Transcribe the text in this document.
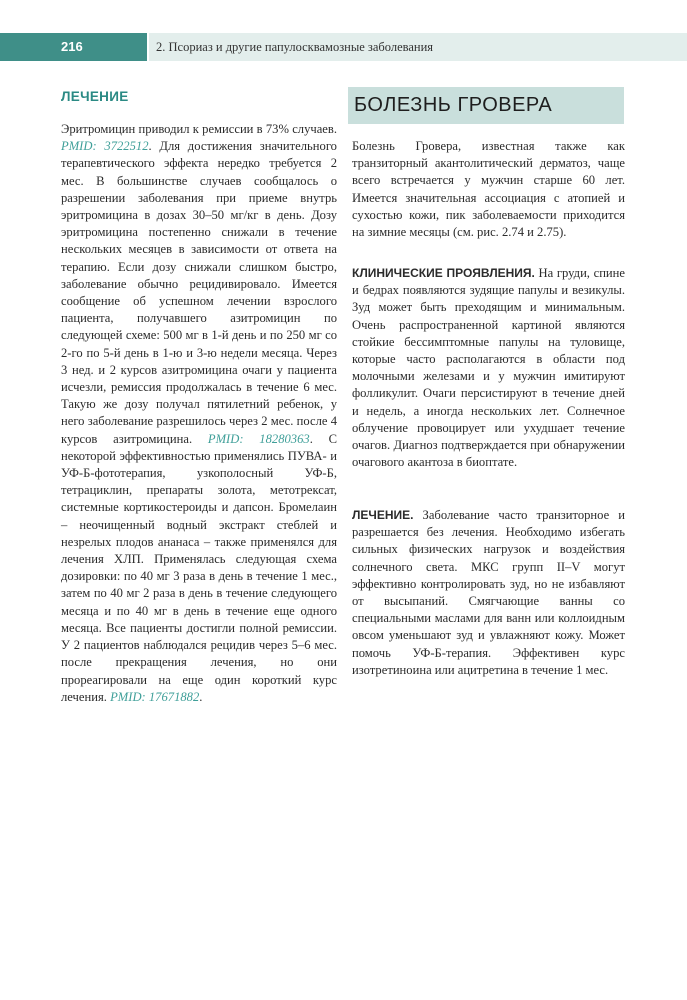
216	2. Псориаз и другие папулосквамозные заболевания
ЛЕЧЕНИЕ

Эритромицин приводил к ремиссии в 73% случаев. PMID: 3722512. Для достижения значительного терапевтического эффекта нередко требуется 2 мес. В большинстве случаев сообщалось о разрешении заболевания при приеме внутрь эритромицина в дозах 30–50 мг/кг в день. Дозу эритромицина постепенно снижали в течение нескольких месяцев в зависимости от ответа на терапию. Если дозу снижали слишком быстро, заболевание обычно рецидивировало. Имеется сообщение об успешном лечении взрослого пациента, получавшего азитромицин по следующей схеме: 500 мг в 1-й день и по 250 мг со 2-го по 5-й день в 1-ю и 3-ю недели месяца. Через 3 нед. и 2 курсов азитромицина очаги у пациента исчезли, ремиссия продолжалась в течение 6 мес. Такую же дозу получал пятилетний ребенок, у него заболевание разрешилось через 2 мес. после 4 курсов азитромицина. PMID: 18280363. С некоторой эффективностью применялись ПУВА- и УФ-Б-фототерапия, узкополосный УФ-Б, тетрациклин, препараты золота, метотрексат, системные кортикостероиды и дапсон. Бромелаин – неочищенный водный экстракт стеблей и незрелых плодов ананаса – также применялся для лечения ХЛП. Применялась следующая схема дозировки: по 40 мг 3 раза в день в течение 1 мес., затем по 40 мг 2 раза в день в течение следующего месяца и по 40 мг в день в течение еще одного месяца. Все пациенты достигли полной ремиссии. У 2 пациентов наблюдался рецидив через 5–6 мес. после прекращения лечения, но они прореагировали на еще один короткий курс лечения. PMID: 17671882.

БОЛЕЗНЬ ГРОВЕРА

Болезнь Гровера, известная также как транзиторный акантолитический дерматоз, чаще всего встречается у мужчин старше 60 лет. Имеется значительная ассоциация с атопией и сухостью кожи, пик заболеваемости приходится на зимние месяцы (см. рис. 2.74 и 2.75).

КЛИНИЧЕСКИЕ ПРОЯВЛЕНИЯ. На груди, спине и бедрах появляются зудящие папулы и везикулы. Зуд может быть преходящим и минимальным. Очень распространенной картиной являются стойкие бессимптомные папулы на туловище, которые часто располагаются в области под молочными железами и у мужчин имитируют фолликулит. Очаги персистируют в течение дней и недель, а иногда нескольких лет. Солнечное облучение провоцирует или ухудшает течение очагов. Диагноз подтверждается при обнаружении очагового акантоза в биоптате.

ЛЕЧЕНИЕ. Заболевание часто транзиторное и разрешается без лечения. Необходимо избегать сильных физических нагрузок и воздействия солнечного света. МКС групп II–V могут эффективно контролировать зуд, но не избавляют от высыпаний. Смягчающие ванны со специальными маслами для ванн или коллоидным овсом уменьшают зуд и увлажняют кожу. Может помочь УФ-Б-терапия. Эффективен курс изотретиноина или ацитретина в течение 1 мес.
